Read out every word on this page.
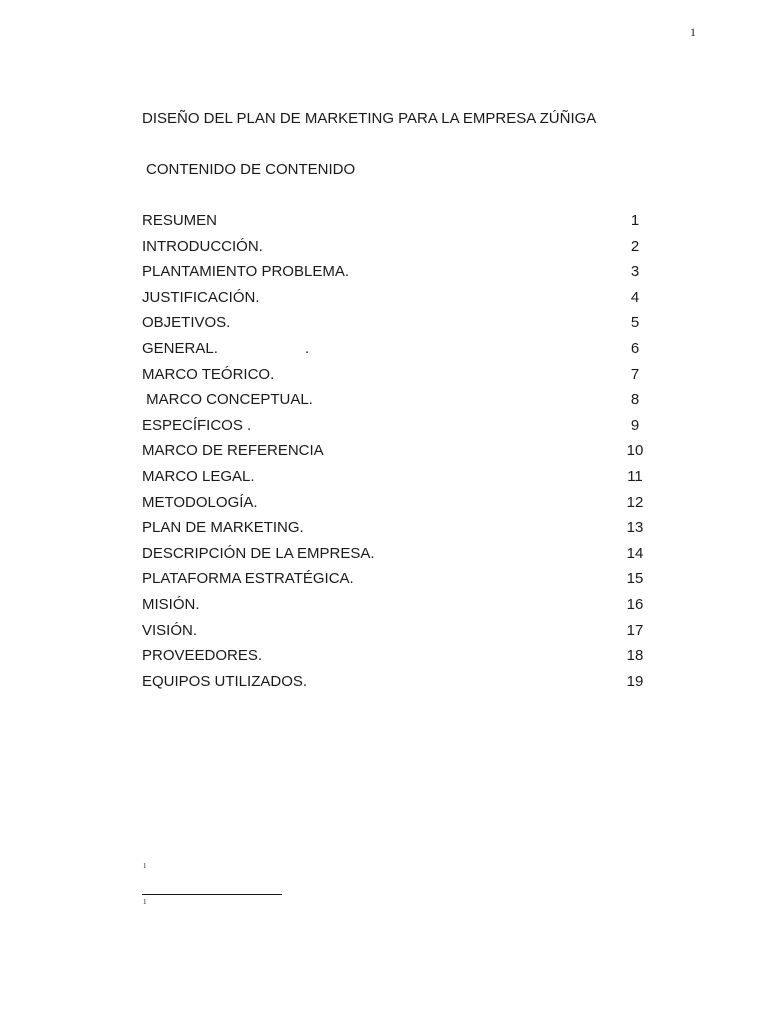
1
DISEÑO DEL PLAN DE MARKETING PARA LA EMPRESA ZÚÑIGA
CONTENIDO DE CONTENIDO
RESUMEN	1
INTRODUCCIÓN.	2
PLANTAMIENTO PROBLEMA.	3
JUSTIFICACIÓN.	4
OBJETIVOS.	5
GENERAL.	.	6
MARCO TEÓRICO.	7
MARCO CONCEPTUAL.	8
ESPECÍFICOS .	9
MARCO DE REFERENCIA	10
MARCO LEGAL.	11
METODOLOGÍA.	12
PLAN DE MARKETING.	13
DESCRIPCIÓN DE LA EMPRESA.	14
PLATAFORMA ESTRATÉGICA.	15
MISIÓN.	16
VISIÓN.	17
PROVEEDORES.	18
EQUIPOS UTILIZADOS.	19
1
1
